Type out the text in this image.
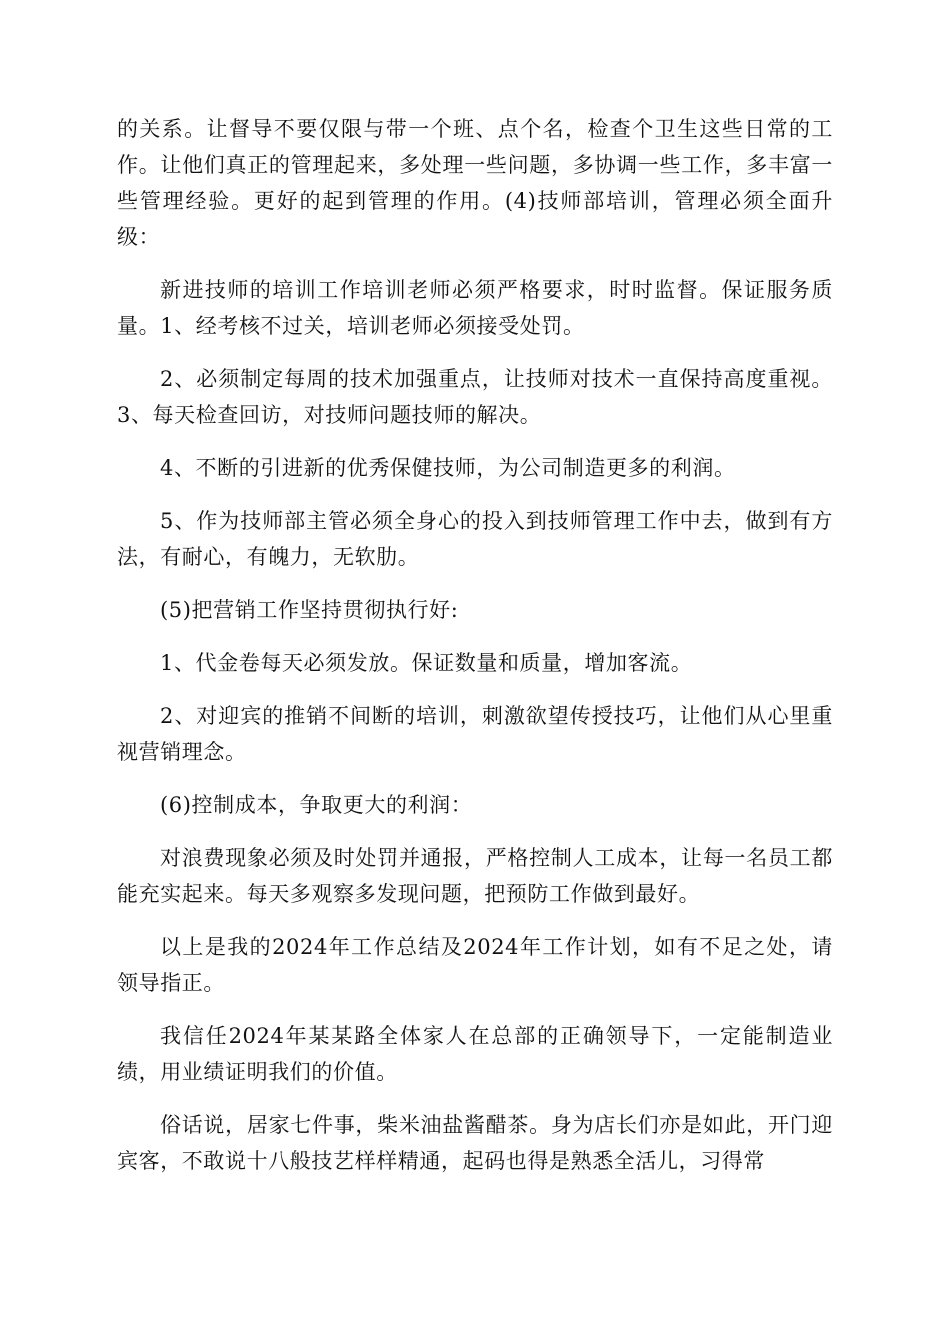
的关系。让督导不要仅限与带一个班、点个名，检查个卫生这些日常的工作。让他们真正的管理起来，多处理一些问题，多协调一些工作，多丰富一些管理经验。更好的起到管理的作用。(4)技师部培训，管理必须全面升级：

新进技师的培训工作培训老师必须严格要求，时时监督。保证服务质量。1、经考核不过关，培训老师必须接受处罚。

2、必须制定每周的技术加强重点，让技师对技术一直保持高度重视。3、每天检查回访，对技师问题技师的解决。

4、不断的引进新的优秀保健技师，为公司制造更多的利润。

5、作为技师部主管必须全身心的投入到技师管理工作中去，做到有方法，有耐心，有魄力，无软肋。

(5)把营销工作坚持贯彻执行好:

1、代金卷每天必须发放。保证数量和质量，增加客流。

2、对迎宾的推销不间断的培训，刺激欲望传授技巧，让他们从心里重视营销理念。

(6)控制成本，争取更大的利润：

对浪费现象必须及时处罚并通报，严格控制人工成本，让每一名员工都能充实起来。每天多观察多发现问题，把预防工作做到最好。

以上是我的2024年工作总结及2024年工作计划，如有不足之处，请领导指正。

我信任2024年某某路全体家人在总部的正确领导下，一定能制造业绩，用业绩证明我们的价值。

俗话说，居家七件事，柴米油盐酱醋茶。身为店长们亦是如此，开门迎宾客，不敢说十八般技艺样样精通，起码也得是熟悉全活儿，习得常
